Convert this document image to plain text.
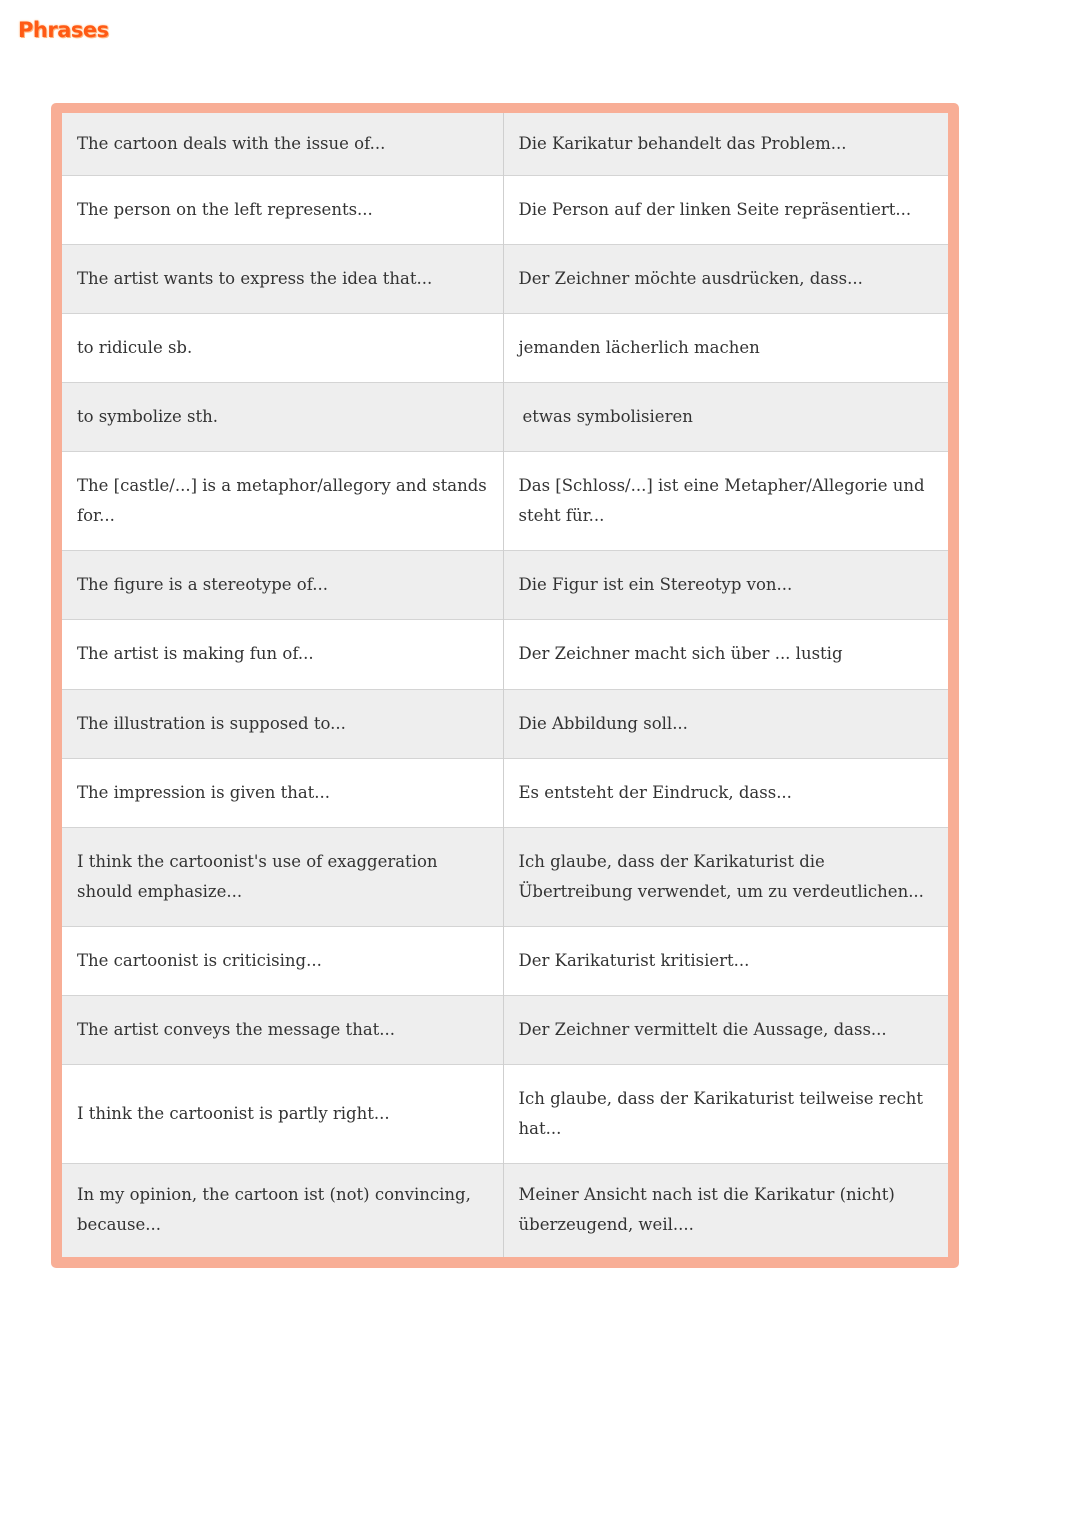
Phrases
The cartoon deals with the issue of...	Die Karikatur behandelt das Problem...
The person on the left represents...	Die Person auf der linken Seite repräsentiert...
The artist wants to express the idea that...	Der Zeichner möchte ausdrücken, dass...
to ridicule sb.	jemanden lächerlich machen
to symbolize sth.	etwas symbolisieren
The [castle/...] is a metaphor/allegory and stands for...	Das [Schloss/...] ist eine Metapher/Allegorie und steht für...
The figure is a stereotype of...	Die Figur ist ein Stereotyp von...
The artist is making fun of...	Der Zeichner macht sich über ... lustig
The illustration is supposed to...	Die Abbildung soll...
The impression is given that...	Es entsteht der Eindruck, dass...
I think the cartoonist's use of exaggeration should emphasize...	Ich glaube, dass der Karikaturist die Übertreibung verwendet, um zu verdeutlichen...
The cartoonist is criticising...	Der Karikaturist kritisiert...
The artist conveys the message that...	Der Zeichner vermittelt die Aussage, dass...
I think the cartoonist is partly right...	Ich glaube, dass der Karikaturist teilweise recht hat...
In my opinion, the cartoon ist (not) convincing, because...	Meiner Ansicht nach ist die Karikatur (nicht) überzeugend, weil....
